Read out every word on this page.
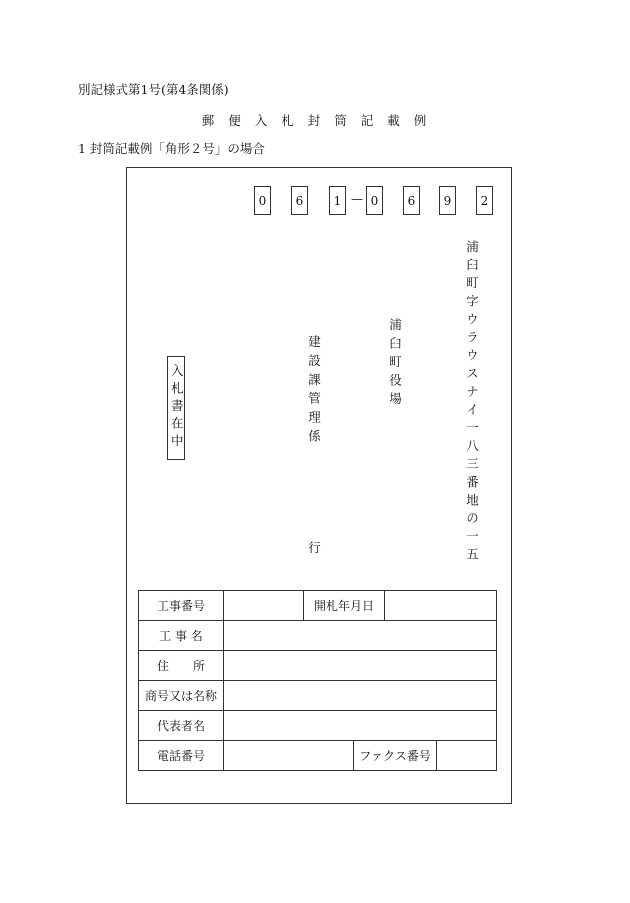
別記様式第1号(第4条関係)
郵便入札封筒記載例
1 封筒記載例「角形２号」の場合
0	6	1 — 0	6	9	2
浦臼町字ウラウスナイ一八三番地の一五
浦臼町役場
建設課管理係
行
入札書在中
工事番号		開札年月日			
工 事 名					
住　　所					
商号又は名称					
代表者名					
電話番号			ファクス番号		
